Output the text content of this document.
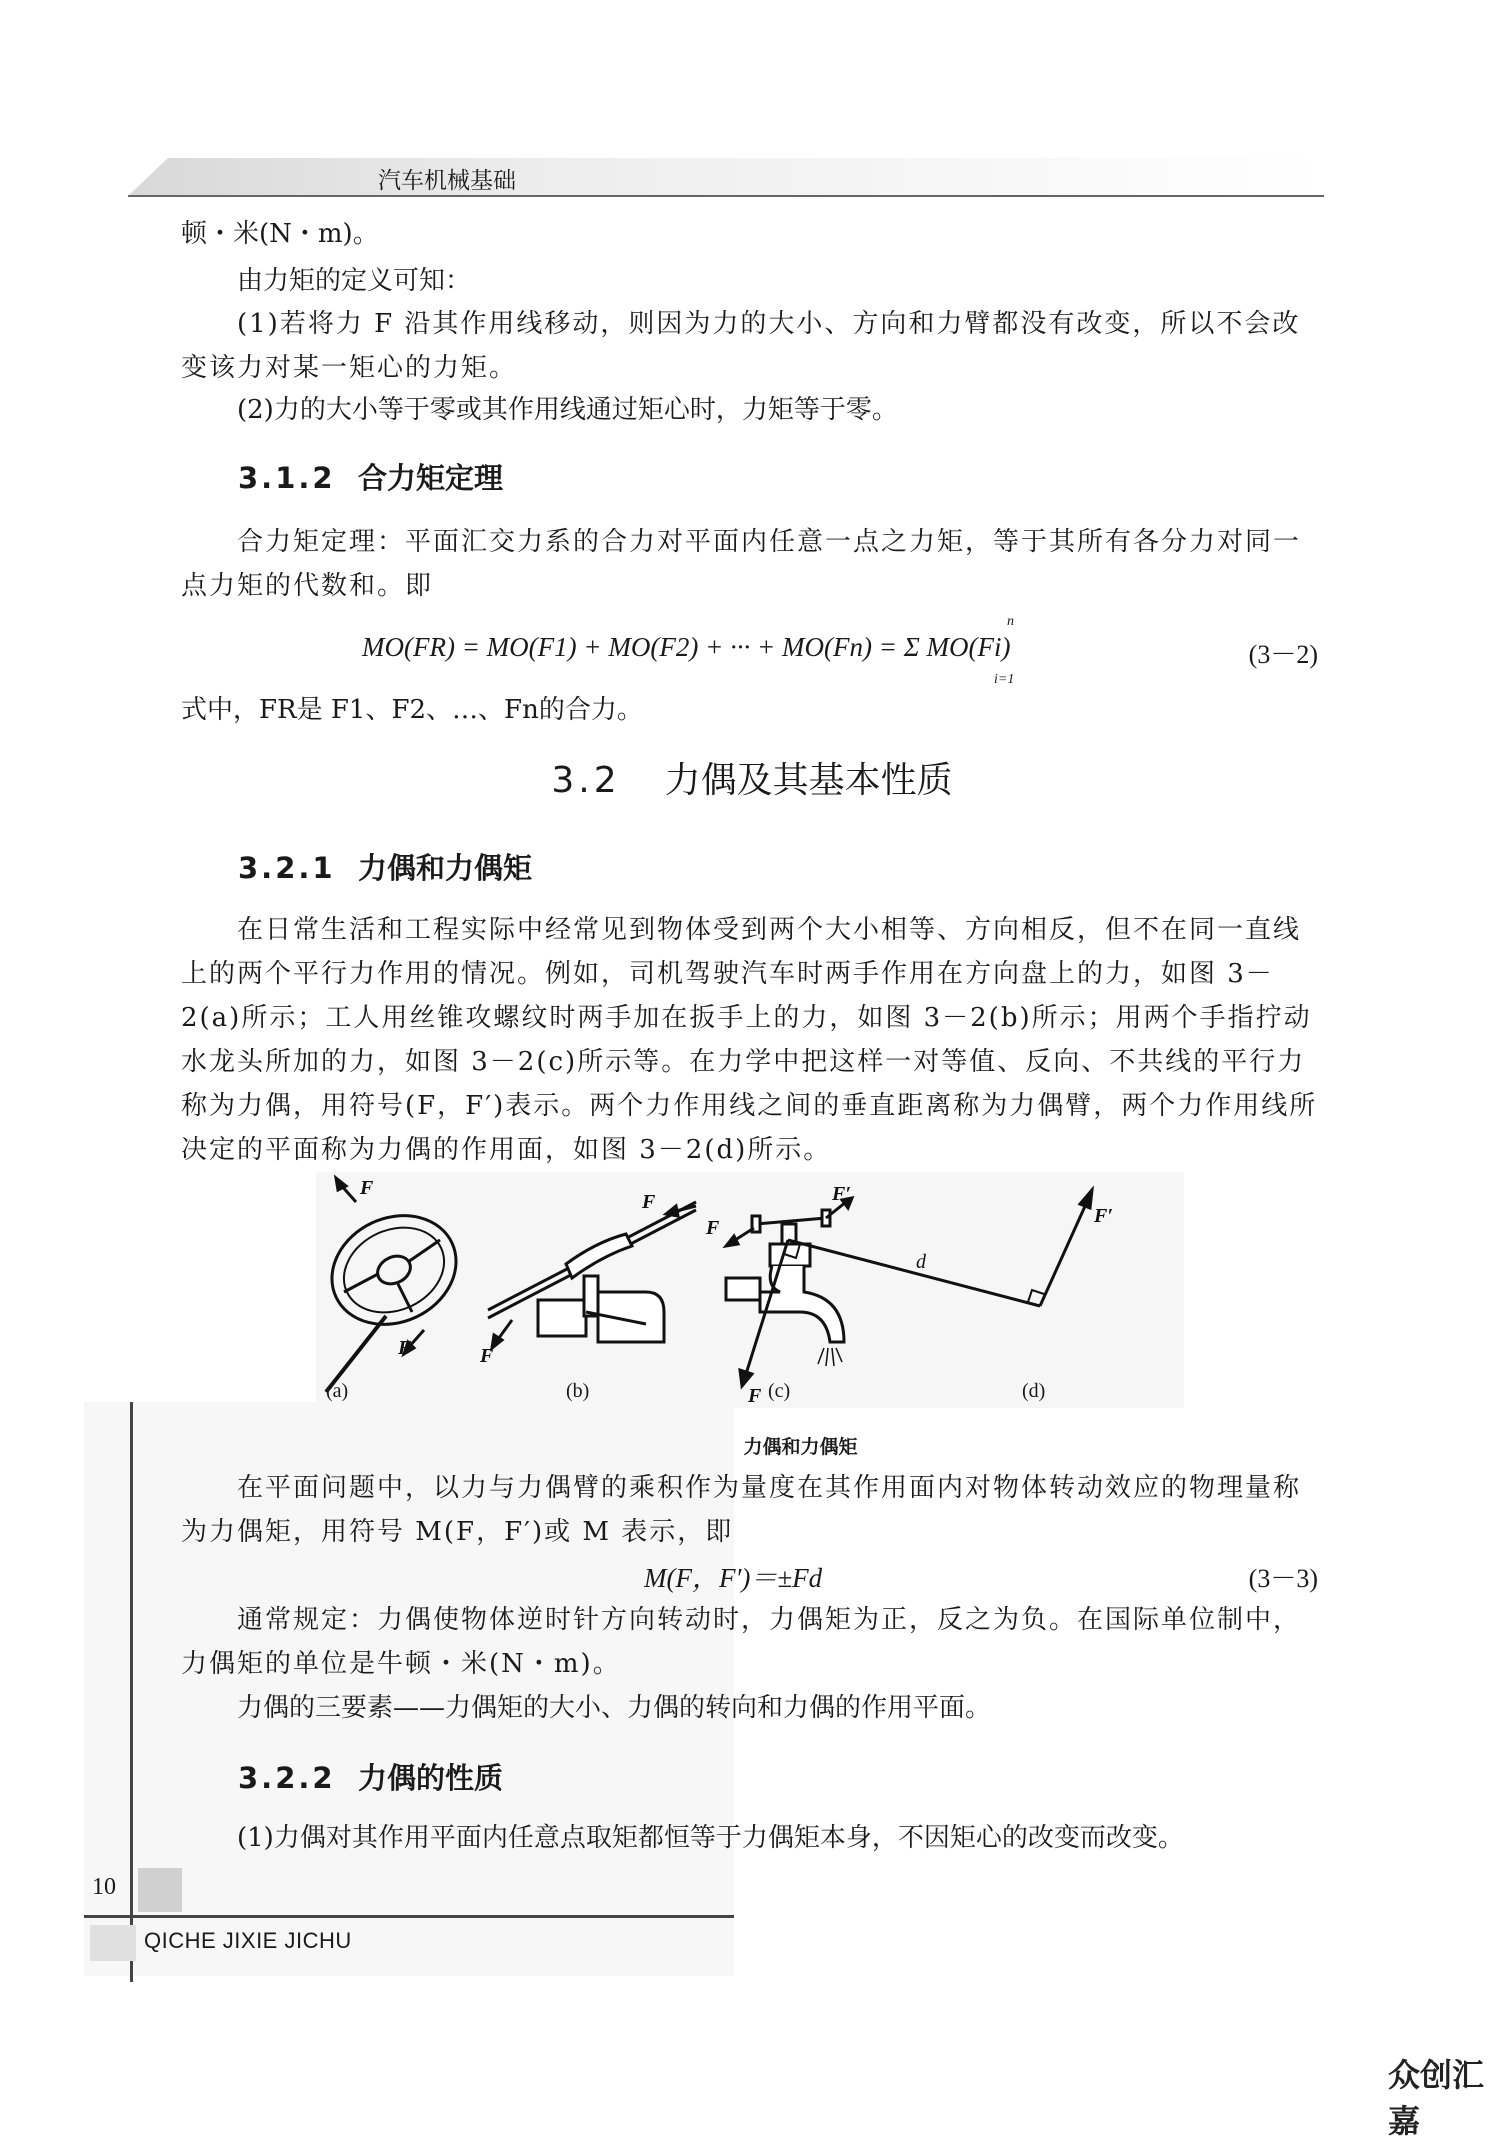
汽车机械基础
顿・米(N・m)。
由力矩的定义可知：
(1)若将力 F 沿其作用线移动，则因为力的大小、方向和力臂都没有改变，所以不会改变该力对某一矩心的力矩。
(2)力的大小等于零或其作用线通过矩心时，力矩等于零。
3.1.2 合力矩定理
合力矩定理：平面汇交力系的合力对平面内任意一点之力矩，等于其所有各分力对同一点力矩的代数和。即
MO(FR) = MO(F1) + MO(F2) + ··· + MO(Fn) = Σ MO(Fi)
n
i=1
(3－2)
式中，FR是 F1、F2、…、Fn的合力。
3.2 力偶及其基本性质
3.2.1 力偶和力偶矩
在日常生活和工程实际中经常见到物体受到两个大小相等、方向相反，但不在同一直线上的两个平行力作用的情况。例如，司机驾驶汽车时两手作用在方向盘上的力，如图 3－2(a)所示；工人用丝锥攻螺纹时两手加在扳手上的力，如图 3－2(b)所示；用两个手指拧动水龙头所加的力，如图 3－2(c)所示等。在力学中把这样一对等值、反向、不共线的平行力称为力偶，用符号(F，F′)表示。两个力作用线之间的垂直距离称为力偶臂，两个力作用线所决定的平面称为力偶的作用面，如图 3－2(d)所示。
F
F
F
F
F′
F
F′
F
d
(a)	(b)	(c)	(d)
力偶和力偶矩
在平面问题中，以力与力偶臂的乘积作为量度在其作用面内对物体转动效应的物理量称为力偶矩，用符号 M(F，F′)或 M 表示，即
M(F，F′)＝±Fd	(3－3)
通常规定：力偶使物体逆时针方向转动时，力偶矩为正，反之为负。在国际单位制中，力偶矩的单位是牛顿・米(N・m)。
力偶的三要素——力偶矩的大小、力偶的转向和力偶的作用平面。
3.2.2 力偶的性质
(1)力偶对其作用平面内任意点取矩都恒等于力偶矩本身，不因矩心的改变而改变。
10
QICHE JIXIE JICHU
众创汇嘉
